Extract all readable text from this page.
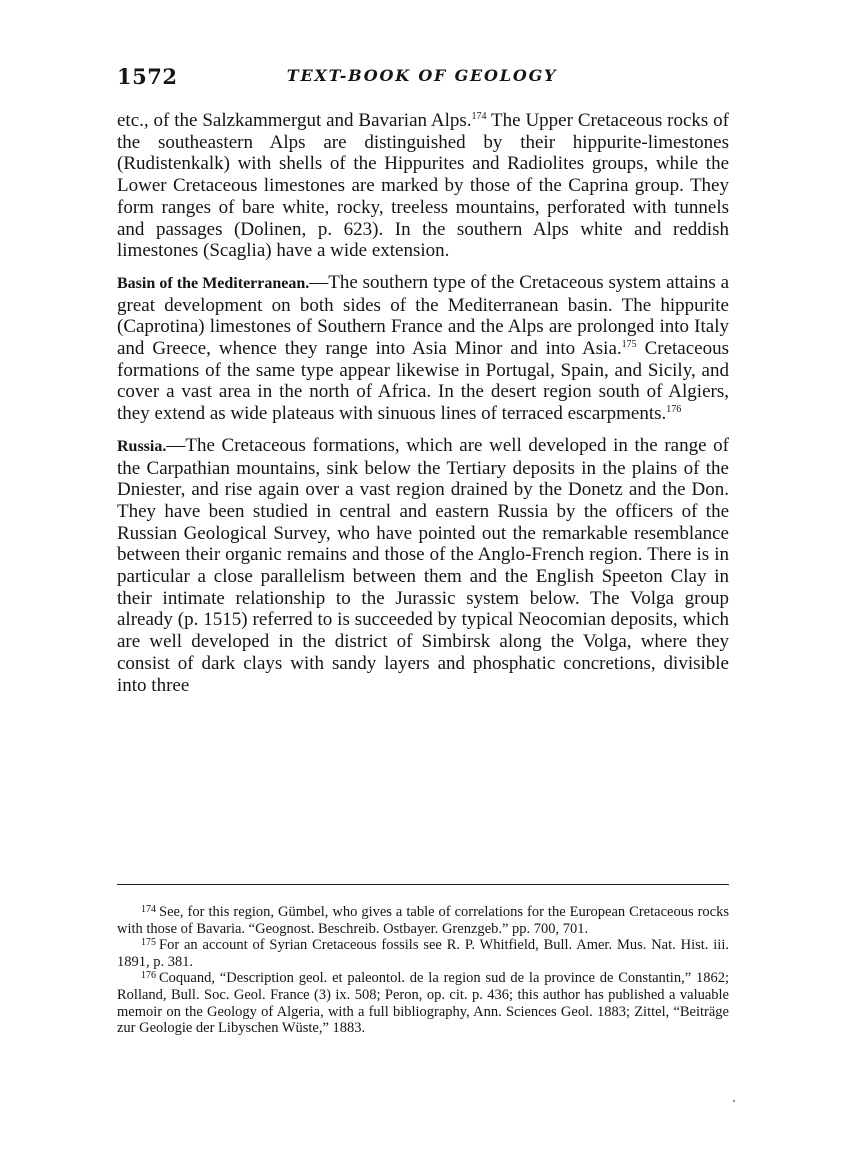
1572	TEXT-BOOK OF GEOLOGY

etc., of the Salzkammergut and Bavarian Alps.$^{174}$ The Upper Cretaceous rocks of the southeastern Alps are distinguished by their hippurite-limestones (Rudistenkalk) with shells of the Hippurites and Radiolites groups, while the Lower Cretaceous limestones are marked by those of the Caprina group. They form ranges of bare white, rocky, treeless mountains, perforated with tunnels and passages (Dolinen, p. 623). In the southern Alps white and reddish limestones (Scaglia) have a wide extension.

Basin of the Mediterranean.—The southern type of the Cretaceous system attains a great development on both sides of the Mediterranean basin. The hippurite (Caprotina) limestones of Southern France and the Alps are prolonged into Italy and Greece, whence they range into Asia Minor and into Asia.$^{175}$ Cretaceous formations of the same type appear likewise in Portugal, Spain, and Sicily, and cover a vast area in the north of Africa. In the desert region south of Algiers, they extend as wide plateaus with sinuous lines of terraced escarpments.$^{176}$

Russia.—The Cretaceous formations, which are well developed in the range of the Carpathian mountains, sink below the Tertiary deposits in the plains of the Dniester, and rise again over a vast region drained by the Donetz and the Don. They have been studied in central and eastern Russia by the officers of the Russian Geological Survey, who have pointed out the remarkable resemblance between their organic remains and those of the Anglo-French region. There is in particular a close parallelism between them and the English Speeton Clay in their intimate relationship to the Jurassic system below. The Volga group already (p. 1515) referred to is succeeded by typical Neocomian deposits, which are well developed in the district of Simbirsk along the Volga, where they consist of dark clays with sandy layers and phosphatic concretions, divisible into three

$^{174}$ See, for this region, Gümbel, who gives a table of correlations for the European Cretaceous rocks with those of Bavaria. “Geognost. Beschreib. Ostbayer. Grenzgeb.” pp. 700, 701.

$^{175}$ For an account of Syrian Cretaceous fossils see R. P. Whitfield, Bull. Amer. Mus. Nat. Hist. iii. 1891, p. 381.

$^{176}$ Coquand, “Description geol. et paleontol. de la region sud de la province de Constantin,” 1862; Rolland, Bull. Soc. Geol. France (3) ix. 508; Peron, op. cit. p. 436; this author has published a valuable memoir on the Geology of Algeria, with a full bibliography, Ann. Sciences Geol. 1883; Zittel, “Beiträge zur Geologie der Libyschen Wüste,” 1883.
